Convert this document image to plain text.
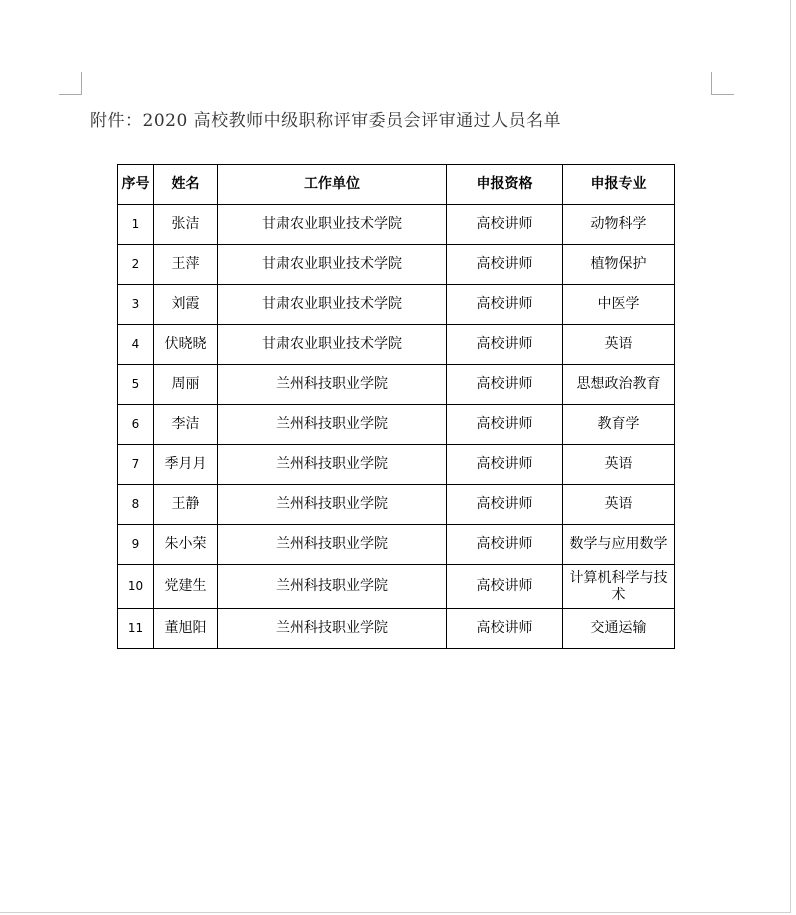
附件：2020 高校教师中级职称评审委员会评审通过人员名单
序号	姓名	工作单位	申报资格	申报专业
1	张洁	甘肃农业职业技术学院	高校讲师	动物科学
2	王萍	甘肃农业职业技术学院	高校讲师	植物保护
3	刘霞	甘肃农业职业技术学院	高校讲师	中医学
4	伏晓晓	甘肃农业职业技术学院	高校讲师	英语
5	周丽	兰州科技职业学院	高校讲师	思想政治教育
6	李洁	兰州科技职业学院	高校讲师	教育学
7	季月月	兰州科技职业学院	高校讲师	英语
8	王静	兰州科技职业学院	高校讲师	英语
9	朱小荣	兰州科技职业学院	高校讲师	数学与应用数学
10	党建生	兰州科技职业学院	高校讲师	计算机科学与技术
11	董旭阳	兰州科技职业学院	高校讲师	交通运输
